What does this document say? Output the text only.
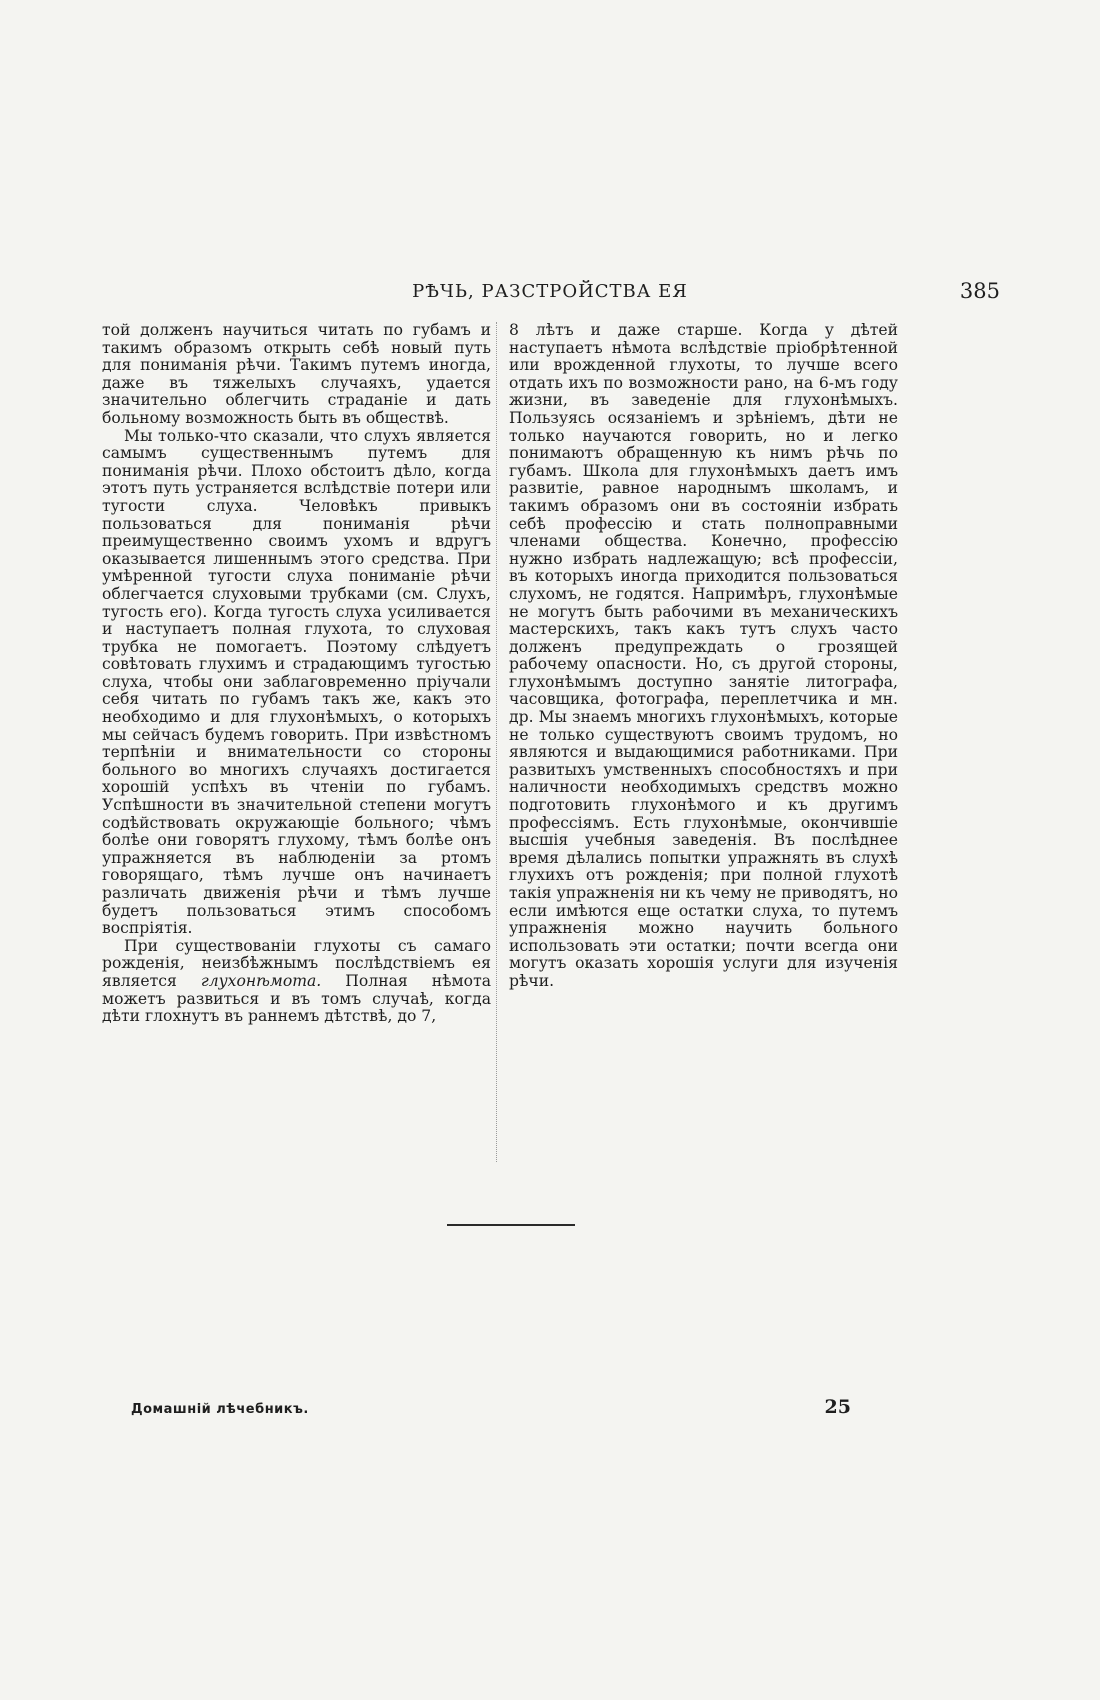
РѢЧЬ, РАЗСТРОЙСТВА ЕЯ	385

той долженъ научиться читать по губамъ и такимъ образомъ открыть себѣ новый путь для пониманія рѣчи. Такимъ путемъ иногда, даже въ тяжелыхъ случаяхъ, удается значительно облегчить страданіе и дать больному возможность быть въ обществѣ.

Мы только-что сказали, что слухъ является самымъ существеннымъ путемъ для пониманія рѣчи. Плохо обстоитъ дѣло, когда этотъ путь устраняется вслѣдствіе потери или тугости слуха. Человѣкъ привыкъ пользоваться для пониманія рѣчи преимущественно своимъ ухомъ и вдругъ оказывается лишеннымъ этого средства. При умѣренной тугости слуха пониманіе рѣчи облегчается слуховыми трубками (см. Слухъ, тугость его). Когда тугость слуха усиливается и наступаетъ полная глухота, то слуховая трубка не помогаетъ. Поэтому слѣдуетъ совѣтовать глухимъ и страдающимъ тугостью слуха, чтобы они заблаговременно пріучали себя читать по губамъ такъ же, какъ это необходимо и для глухонѣмыхъ, о которыхъ мы сейчасъ будемъ говорить. При извѣстномъ терпѣніи и внимательности со стороны больного во многихъ случаяхъ достигается хорошій успѣхъ въ чтеніи по губамъ. Успѣшности въ значительной степени могутъ содѣйствовать окружающіе больного; чѣмъ болѣе они говорятъ глухому, тѣмъ болѣе онъ упражняется въ наблюденіи за ртомъ говорящаго, тѣмъ лучше онъ начинаетъ различать движенія рѣчи и тѣмъ лучше будетъ пользоваться этимъ способомъ воспріятія.

При существованіи глухоты съ самаго рожденія, неизбѣжнымъ послѣдствіемъ ея является глухонѣмота. Полная нѣмота можетъ развиться и въ томъ случаѣ, когда дѣти глохнутъ въ раннемъ дѣтствѣ, до 7,

8 лѣтъ и даже старше. Когда у дѣтей наступаетъ нѣмота вслѣдствіе пріобрѣтенной или врожденной глухоты, то лучше всего отдать ихъ по возможности рано, на 6-мъ году жизни, въ заведеніе для глухонѣмыхъ. Пользуясь осязаніемъ и зрѣніемъ, дѣти не только научаются говорить, но и легко понимаютъ обращенную къ нимъ рѣчь по губамъ. Школа для глухонѣмыхъ даетъ имъ развитіе, равное народнымъ школамъ, и такимъ образомъ они въ состояніи избрать себѣ профессію и стать полноправными членами общества. Конечно, профессію нужно избрать надлежащую; всѣ профессіи, въ которыхъ иногда приходится пользоваться слухомъ, не годятся. Напримѣръ, глухонѣмые не могутъ быть рабочими въ механическихъ мастерскихъ, такъ какъ тутъ слухъ часто долженъ предупреждать о грозящей рабочему опасности. Но, съ другой стороны, глухонѣмымъ доступно занятіе литографа, часовщика, фотографа, переплетчика и мн. др. Мы знаемъ многихъ глухонѣмыхъ, которые не только существуютъ своимъ трудомъ, но являются и выдающимися работниками. При развитыхъ умственныхъ способностяхъ и при наличности необходимыхъ средствъ можно подготовить глухонѣмого и къ другимъ профессіямъ. Есть глухонѣмые, окончившіе высшія учебныя заведенія. Въ послѣднее время дѣлались попытки упражнять въ слухѣ глухихъ отъ рожденія; при полной глухотѣ такія упражненія ни къ чему не приводятъ, но если имѣются еще остатки слуха, то путемъ упражненія можно научить больного использовать эти остатки; почти всегда они могутъ оказать хорошія услуги для изученія рѣчи.

Домашній лѣчебникъ.	25
